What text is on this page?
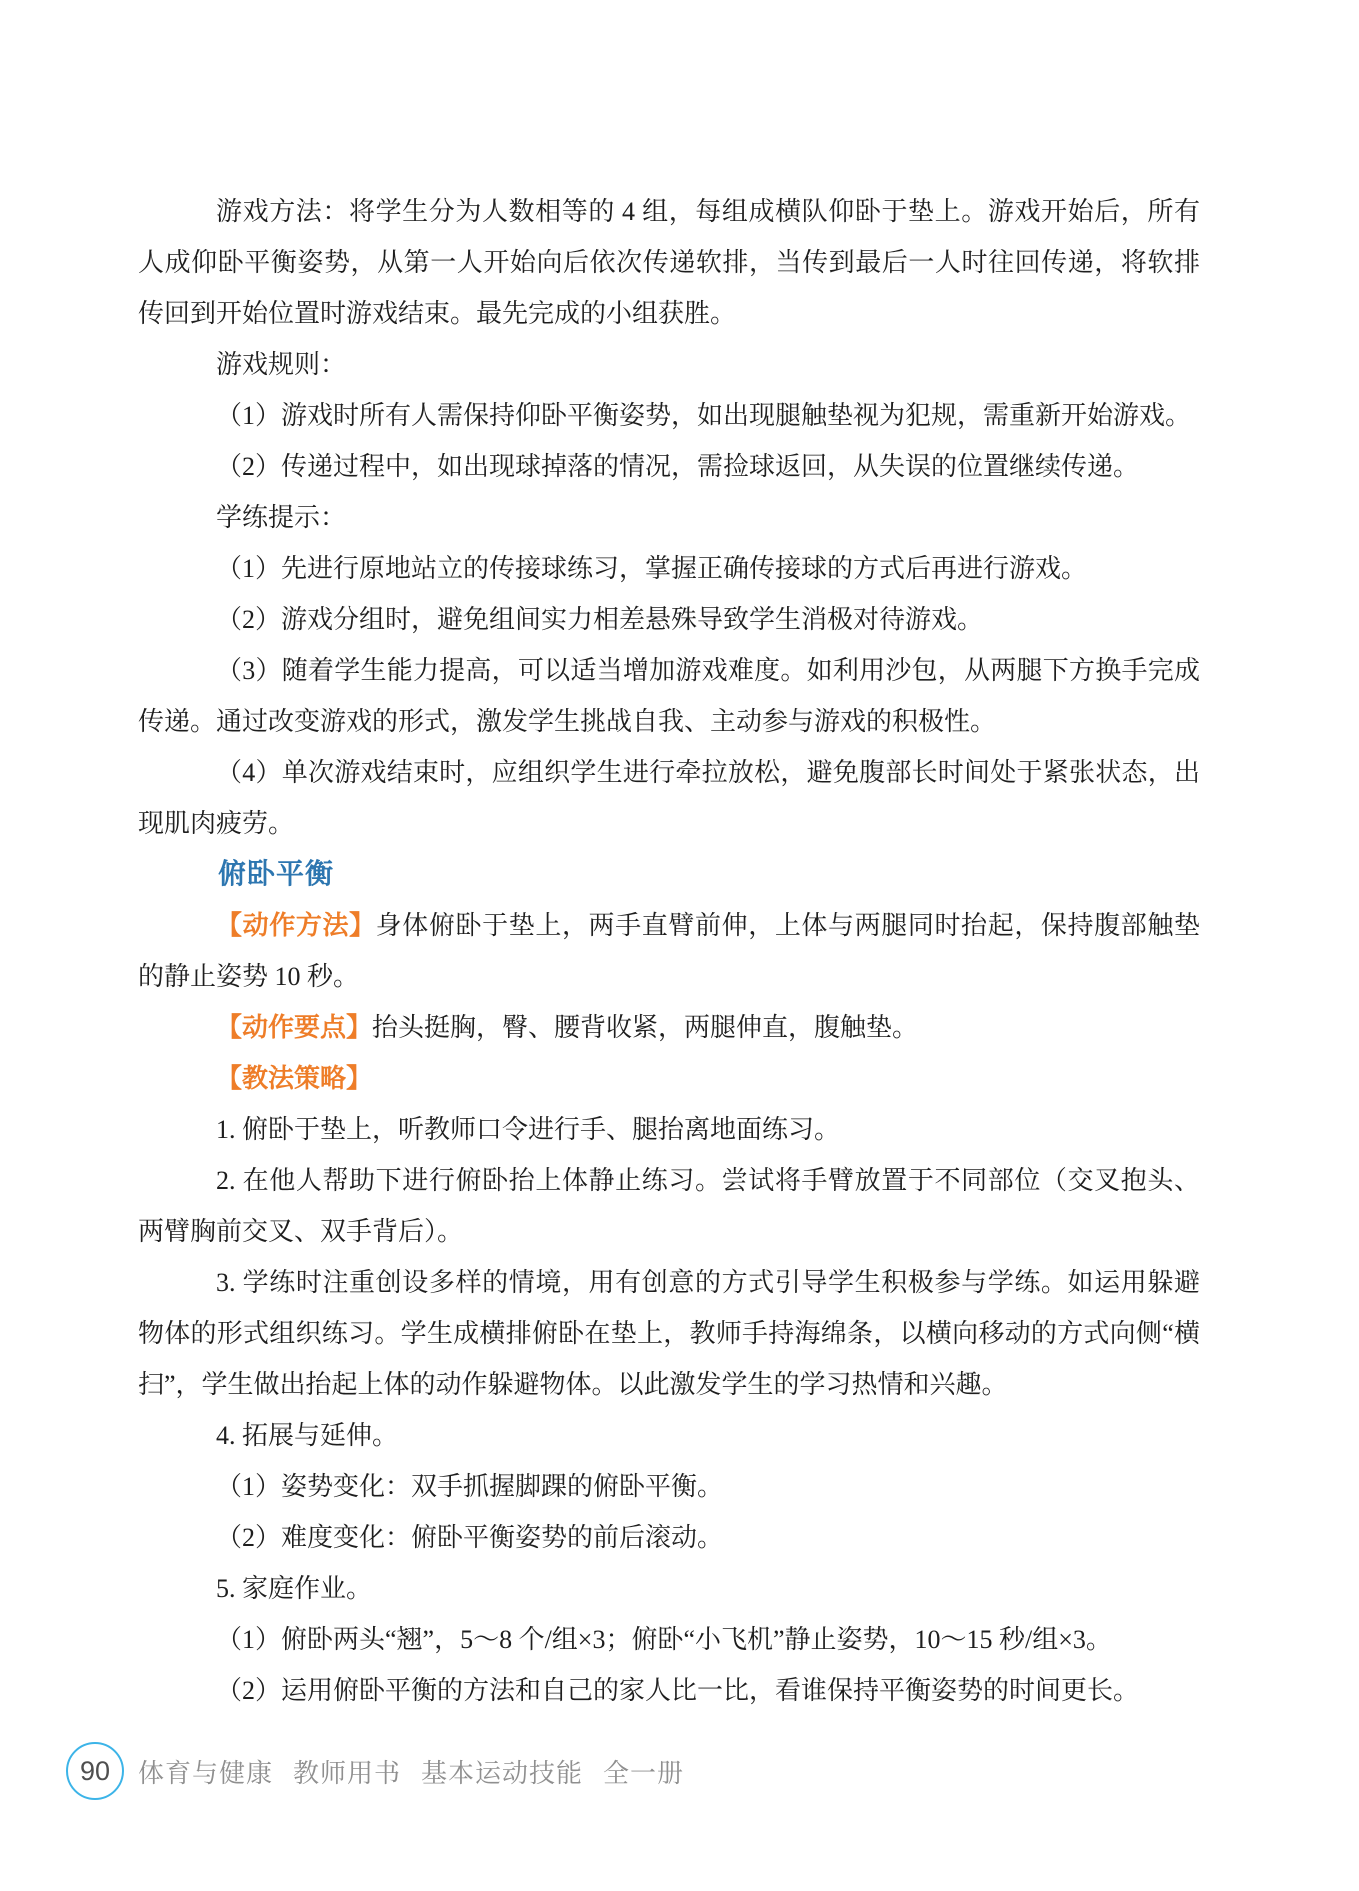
游戏方法：将学生分为人数相等的 4 组，每组成横队仰卧于垫上。游戏开始后，所有人成仰卧平衡姿势，从第一人开始向后依次传递软排，当传到最后一人时往回传递，将软排传回到开始位置时游戏结束。最先完成的小组获胜。

游戏规则：

（1）游戏时所有人需保持仰卧平衡姿势，如出现腿触垫视为犯规，需重新开始游戏。

（2）传递过程中，如出现球掉落的情况，需捡球返回，从失误的位置继续传递。

学练提示：

（1）先进行原地站立的传接球练习，掌握正确传接球的方式后再进行游戏。

（2）游戏分组时，避免组间实力相差悬殊导致学生消极对待游戏。

（3）随着学生能力提高，可以适当增加游戏难度。如利用沙包，从两腿下方换手完成传递。通过改变游戏的形式，激发学生挑战自我、主动参与游戏的积极性。

（4）单次游戏结束时，应组织学生进行牵拉放松，避免腹部长时间处于紧张状态，出现肌肉疲劳。

俯卧平衡

【动作方法】身体俯卧于垫上，两手直臂前伸，上体与两腿同时抬起，保持腹部触垫的静止姿势 10 秒。

【动作要点】抬头挺胸，臀、腰背收紧，两腿伸直，腹触垫。

【教法策略】

1. 俯卧于垫上，听教师口令进行手、腿抬离地面练习。

2. 在他人帮助下进行俯卧抬上体静止练习。尝试将手臂放置于不同部位（交叉抱头、两臂胸前交叉、双手背后）。

3. 学练时注重创设多样的情境，用有创意的方式引导学生积极参与学练。如运用躲避物体的形式组织练习。学生成横排俯卧在垫上，教师手持海绵条，以横向移动的方式向侧“横扫”，学生做出抬起上体的动作躲避物体。以此激发学生的学习热情和兴趣。

4. 拓展与延伸。

（1）姿势变化：双手抓握脚踝的俯卧平衡。

（2）难度变化：俯卧平衡姿势的前后滚动。

5. 家庭作业。

（1）俯卧两头“翘”，5～8 个/组×3；俯卧“小飞机”静止姿势，10～15 秒/组×3。

（2）运用俯卧平衡的方法和自己的家人比一比，看谁保持平衡姿势的时间更长。

90 体育与健康 教师用书 基本运动技能 全一册
